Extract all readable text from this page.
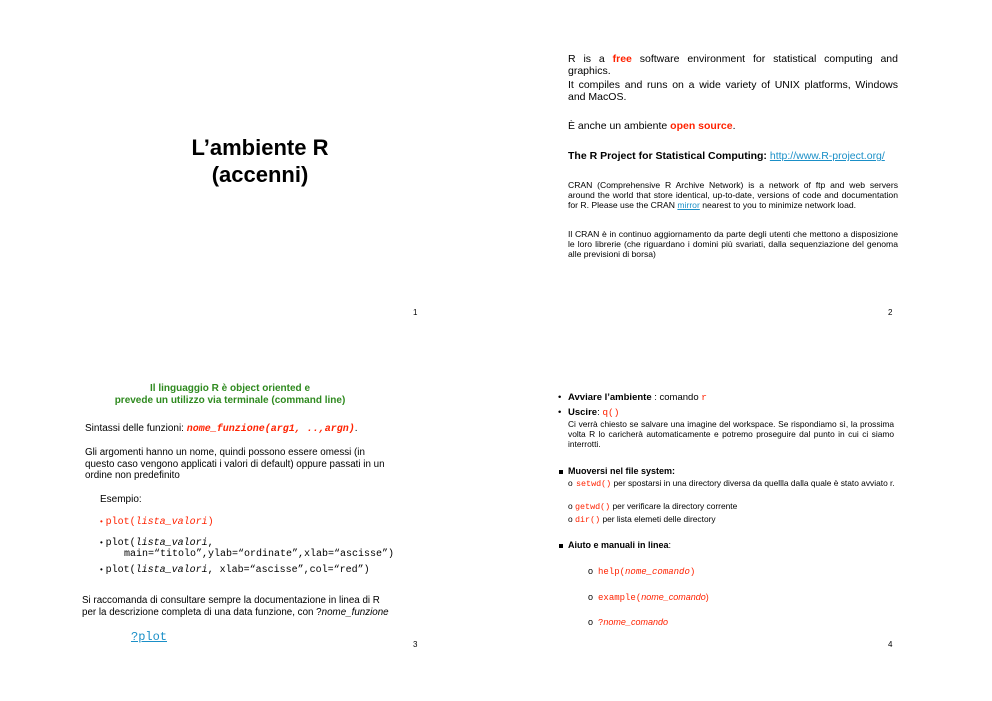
L’ambiente R
(accenni)
1
R is a free software environment for statistical computing and graphics.
It compiles and runs on a wide variety of UNIX platforms, Windows and MacOS.
È anche un ambiente open source.
The R Project for Statistical Computing: http://www.R-project.org/
CRAN (Comprehensive R Archive Network) is a network of ftp and web servers around the world that store identical, up-to-date, versions of code and documentation for R. Please use the CRAN mirror nearest to you to minimize network load.
Il CRAN è in continuo aggiornamento da parte degli utenti che mettono a disposizione le loro librerie (che riguardano i domini più svariati, dalla sequenziazione del genoma alle previsioni di borsa)
2
Il linguaggio R è object oriented e
prevede un utilizzo via terminale (command line)
Sintassi delle funzioni: nome_funzione(arg1, ..,argn).
Gli argomenti hanno un nome, quindi possono essere omessi (in questo caso vengono applicati i valori di default) oppure passati in un ordine non predefinito
Esempio:
• plot(lista_valori)
• plot(lista_valori,
main=“titolo”,ylab=“ordinate”,xlab=“ascisse”)
• plot(lista_valori, xlab=“ascisse”,col=“red”)
Si raccomanda di consultare sempre la documentazione in linea di R
per la descrizione completa di una data funzione, con ?nome_funzione
?plot
3
• Avviare l’ambiente : comando r
• Uscire: q()
Ci verrà chiesto se salvare una imagine del workspace. Se rispondiamo sì, la prossima volta R lo caricherà automaticamente e potremo proseguire dal punto in cui ci siamo interrotti.
Muoversi nel file system:
o setwd() per spostarsi in una directory diversa da quellla dalla quale è stato avviato r.
o getwd() per verificare la directory corrente
o dir() per lista elemeti delle directory
Aiuto e manuali in linea:
o  help(nome_comando)
o  example(nome_comando)
o  ?nome_comando
4
